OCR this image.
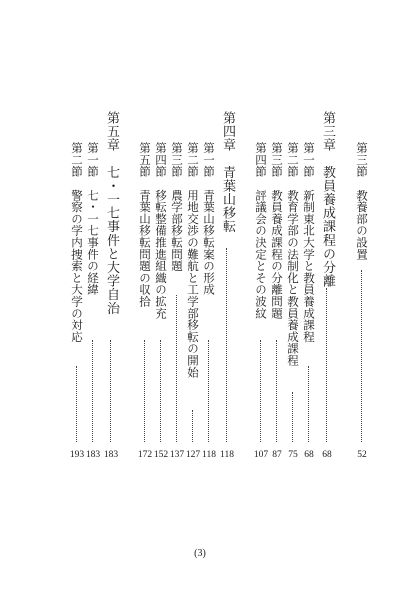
第三節　教養部の設置
52
第三章　教員養成課程の分離
68
第一節　新制東北大学と教員養成課程
68
第二節　教育学部の法制化と教員養成課程
75
第三節　教員養成課程の分離問題
87
第四節　評議会の決定とその波紋
107
第四章　青葉山移転
118
第一節　青葉山移転案の形成
118
第二節　用地交渉の難航と工学部移転の開始
127
第三節　農学部移転問題
137
第四節　移転整備推進組織の拡充
152
第五節　青葉山移転問題の収拾
172
第五章　七・一七事件と大学自治
183
第一節　七・一七事件の経緯
183
第二節　警察の学内捜索と大学の対応
193
(3)
